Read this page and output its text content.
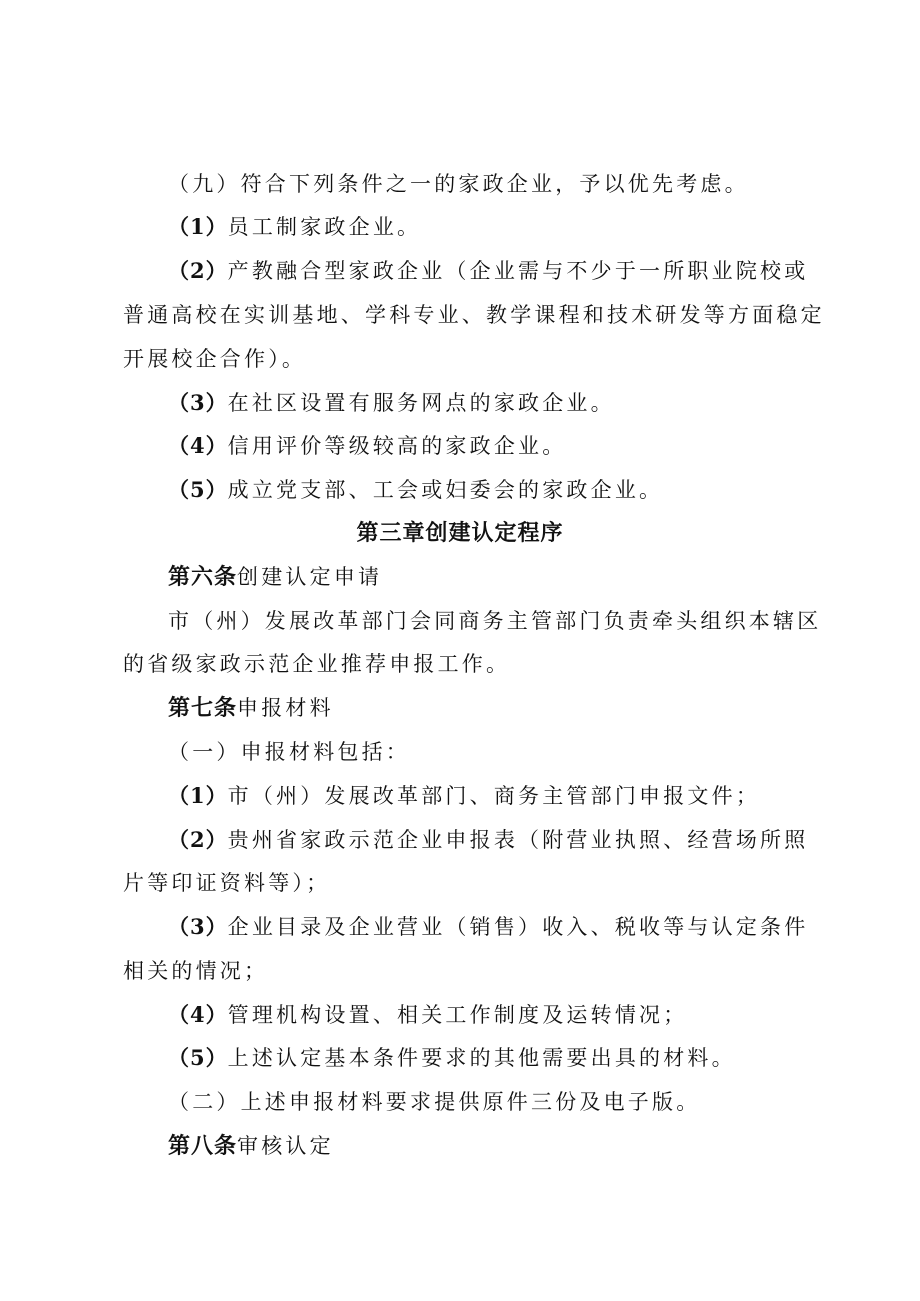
（九）符合下列条件之一的家政企业，予以优先考虑。
（1）员工制家政企业。
（2）产教融合型家政企业（企业需与不少于一所职业院校或
普通高校在实训基地、学科专业、教学课程和技术研发等方面稳定
开展校企合作）。
（3）在社区设置有服务网点的家政企业。
（4）信用评价等级较高的家政企业。
（5）成立党支部、工会或妇委会的家政企业。
第三章创建认定程序
第六条创建认定申请
市（州）发展改革部门会同商务主管部门负责牵头组织本辖区
的省级家政示范企业推荐申报工作。
第七条申报材料
（一）申报材料包括：
（1）市（州）发展改革部门、商务主管部门申报文件；
（2）贵州省家政示范企业申报表（附营业执照、经营场所照
片等印证资料等）；
（3）企业目录及企业营业（销售）收入、税收等与认定条件
相关的情况；
（4）管理机构设置、相关工作制度及运转情况；
（5）上述认定基本条件要求的其他需要出具的材料。
（二）上述申报材料要求提供原件三份及电子版。
第八条审核认定
